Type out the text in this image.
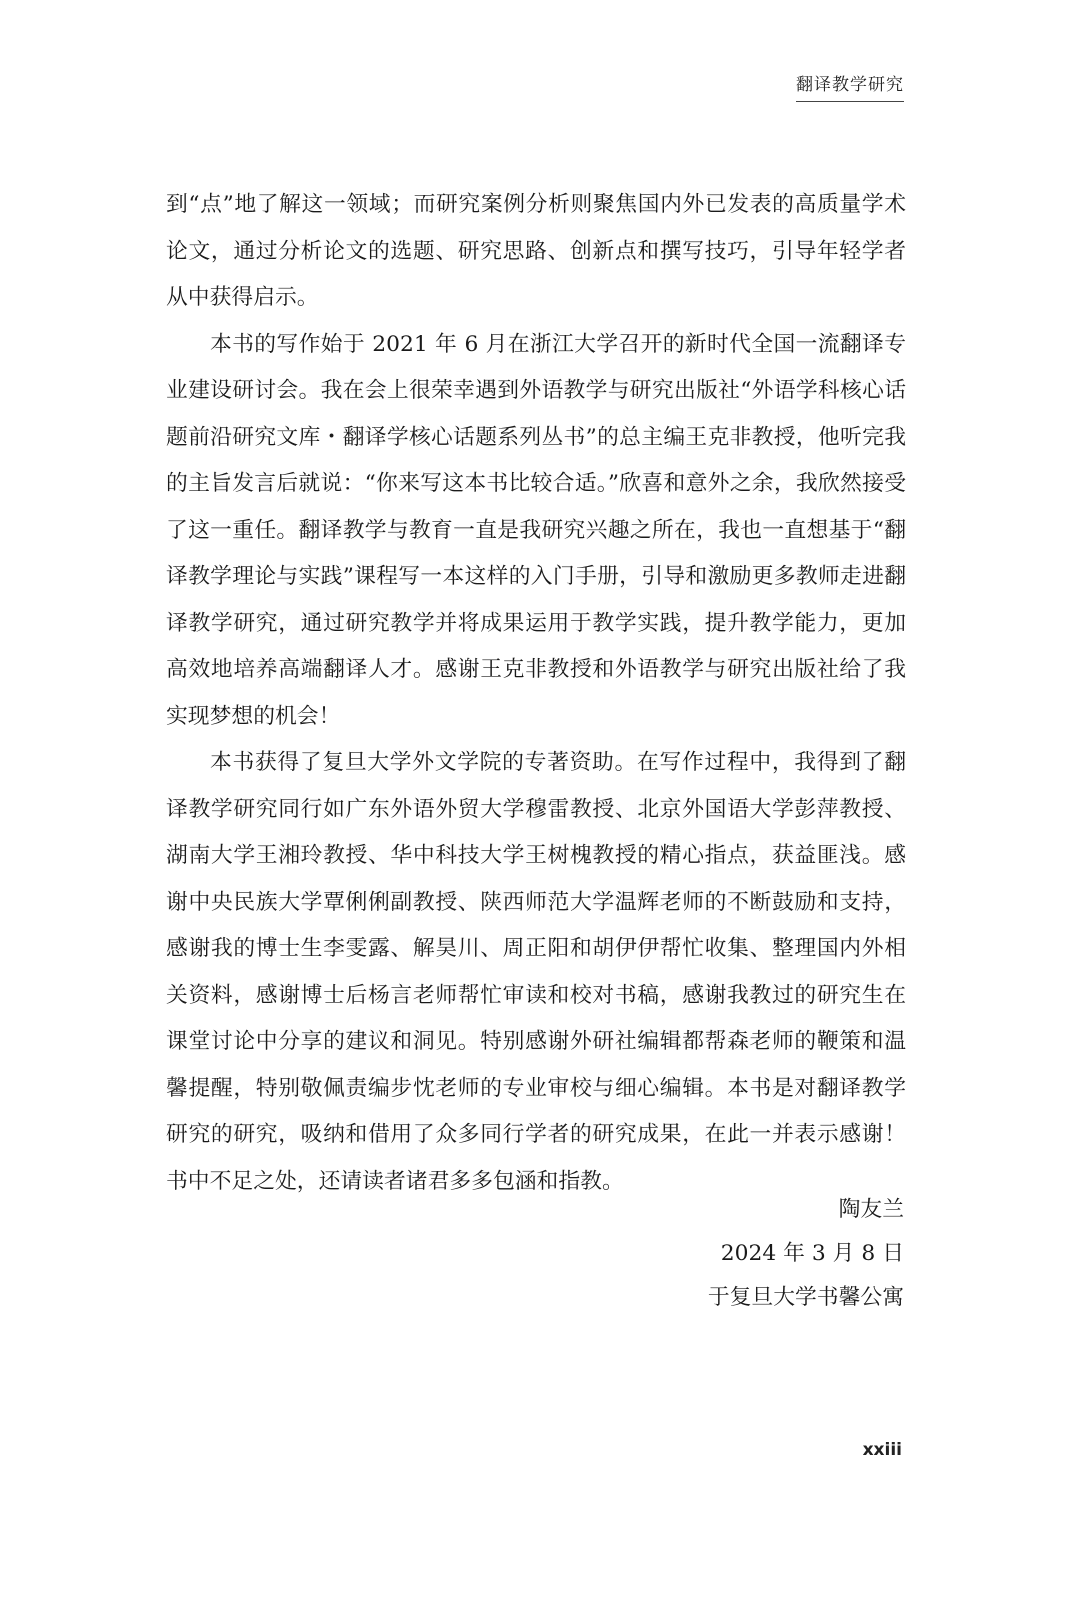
翻译教学研究

到“点”地了解这一领域；而研究案例分析则聚焦国内外已发表的高质量学术论文，通过分析论文的选题、研究思路、创新点和撰写技巧，引导年轻学者从中获得启示。

本书的写作始于 2021 年 6 月在浙江大学召开的新时代全国一流翻译专业建设研讨会。我在会上很荣幸遇到外语教学与研究出版社“外语学科核心话题前沿研究文库・翻译学核心话题系列丛书”的总主编王克非教授，他听完我的主旨发言后就说：“你来写这本书比较合适。”欣喜和意外之余，我欣然接受了这一重任。翻译教学与教育一直是我研究兴趣之所在，我也一直想基于“翻译教学理论与实践”课程写一本这样的入门手册，引导和激励更多教师走进翻译教学研究，通过研究教学并将成果运用于教学实践，提升教学能力，更加高效地培养高端翻译人才。感谢王克非教授和外语教学与研究出版社给了我实现梦想的机会！

本书获得了复旦大学外文学院的专著资助。在写作过程中，我得到了翻译教学研究同行如广东外语外贸大学穆雷教授、北京外国语大学彭萍教授、湖南大学王湘玲教授、华中科技大学王树槐教授的精心指点，获益匪浅。感谢中央民族大学覃俐俐副教授、陕西师范大学温辉老师的不断鼓励和支持，感谢我的博士生李雯露、解昊川、周正阳和胡伊伊帮忙收集、整理国内外相关资料，感谢博士后杨言老师帮忙审读和校对书稿，感谢我教过的研究生在课堂讨论中分享的建议和洞见。特别感谢外研社编辑都帮森老师的鞭策和温馨提醒，特别敬佩责编步忱老师的专业审校与细心编辑。本书是对翻译教学研究的研究，吸纳和借用了众多同行学者的研究成果，在此一并表示感谢！书中不足之处，还请读者诸君多多包涵和指教。

陶友兰
2024 年 3 月 8 日
于复旦大学书馨公寓
xxiii
